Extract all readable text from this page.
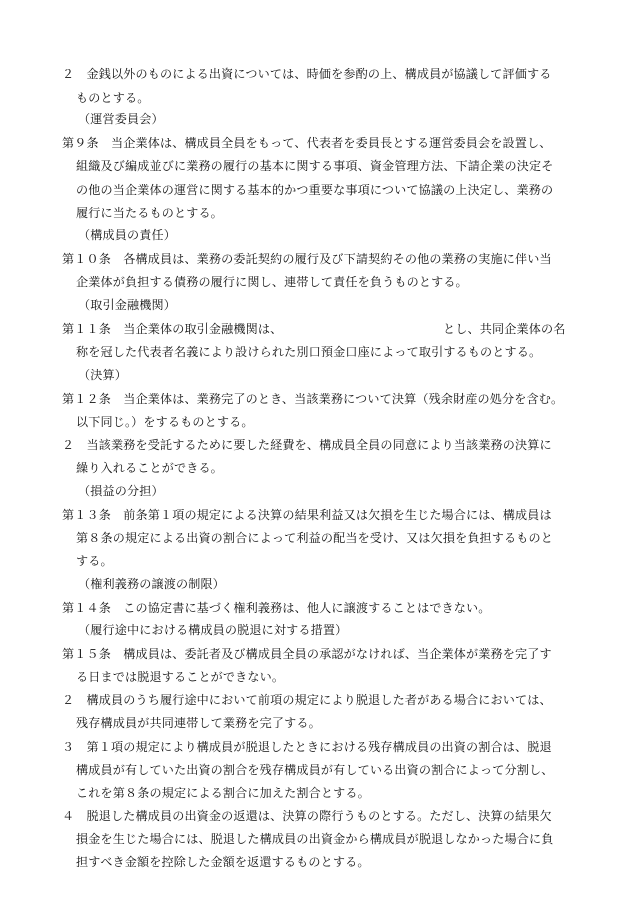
２　金銭以外のものによる出資については、時価を参酌の上、構成員が協議して評価する
ものとする。
（運営委員会）
第９条　当企業体は、構成員全員をもって、代表者を委員長とする運営委員会を設置し、
組織及び編成並びに業務の履行の基本に関する事項、資金管理方法、下請企業の決定そ
の他の当企業体の運営に関する基本的かつ重要な事項について協議の上決定し、業務の
履行に当たるものとする。
（構成員の責任）
第１０条　各構成員は、業務の委託契約の履行及び下請契約その他の業務の実施に伴い当
企業体が負担する債務の履行に関し、連帯して責任を負うものとする。
（取引金融機関）
第１１条　当企業体の取引金融機関は、	とし、共同企業体の名
称を冠した代表者名義により設けられた別口預金口座によって取引するものとする。
（決算）
第１２条　当企業体は、業務完了のとき、当該業務について決算（残余財産の処分を含む。
以下同じ。）をするものとする。
２　当該業務を受託するために要した経費を、構成員全員の同意により当該業務の決算に
繰り入れることができる。
（損益の分担）
第１３条　前条第１項の規定による決算の結果利益又は欠損を生じた場合には、構成員は
第８条の規定による出資の割合によって利益の配当を受け、又は欠損を負担するものと
する。
（権利義務の譲渡の制限）
第１４条　この協定書に基づく権利義務は、他人に譲渡することはできない。
（履行途中における構成員の脱退に対する措置）
第１５条　構成員は、委託者及び構成員全員の承認がなければ、当企業体が業務を完了す
る日までは脱退することができない。
２　構成員のうち履行途中において前項の規定により脱退した者がある場合においては、
残存構成員が共同連帯して業務を完了する。
３　第１項の規定により構成員が脱退したときにおける残存構成員の出資の割合は、脱退
構成員が有していた出資の割合を残存構成員が有している出資の割合によって分割し、
これを第８条の規定による割合に加えた割合とする。
４　脱退した構成員の出資金の返還は、決算の際行うものとする。ただし、決算の結果欠
損金を生じた場合には、脱退した構成員の出資金から構成員が脱退しなかった場合に負
担すべき金額を控除した金額を返還するものとする。
